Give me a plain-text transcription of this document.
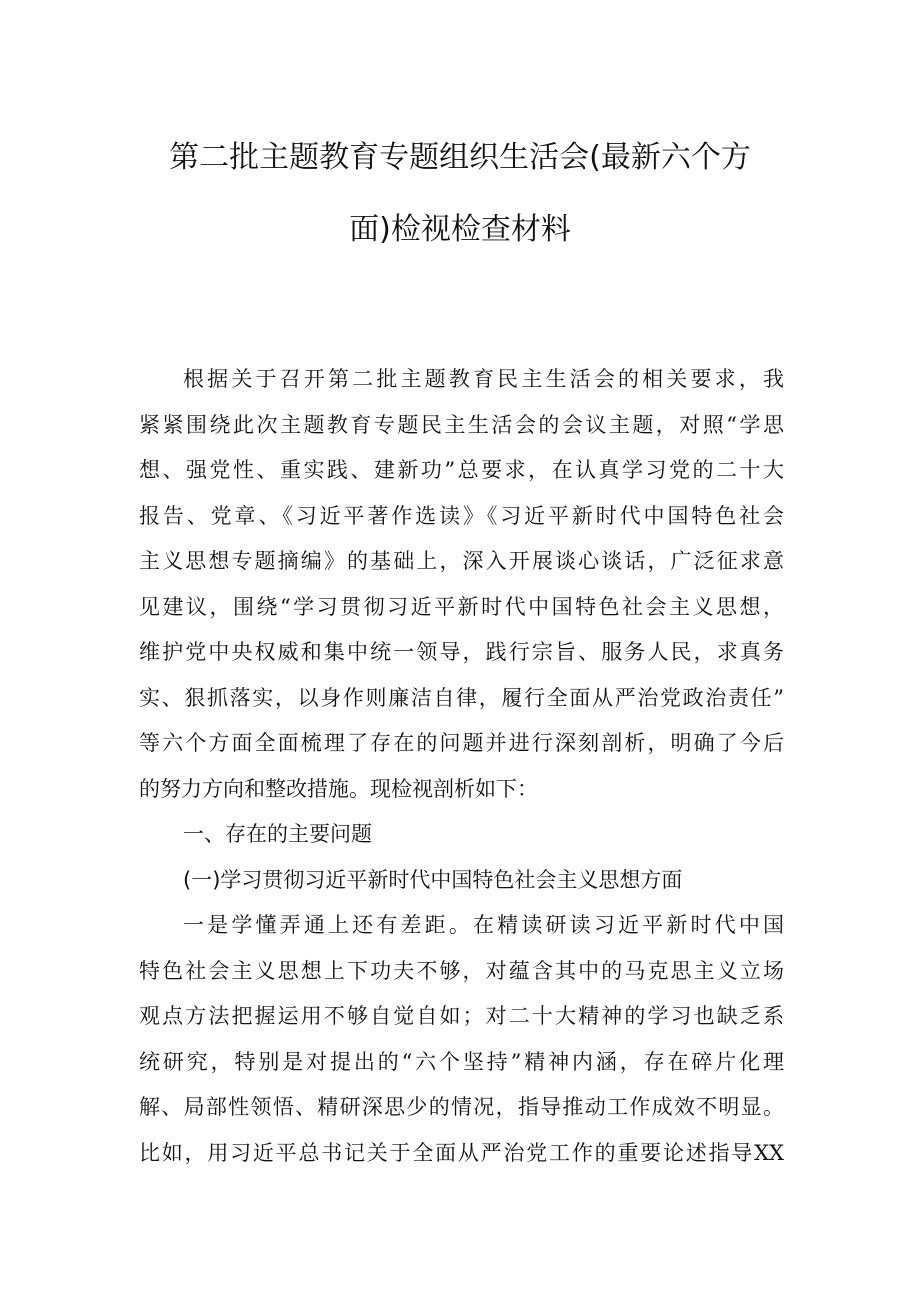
第二批主题教育专题组织生活会(最新六个方
面)检视检查材料
根据关于召开第二批主题教育民主生活会的相关要求，我
紧紧围绕此次主题教育专题民主生活会的会议主题，对照“学思
想、强党性、重实践、建新功”总要求，在认真学习党的二十大
报告、党章、《习近平著作选读》《习近平新时代中国特色社会
主义思想专题摘编》的基础上，深入开展谈心谈话，广泛征求意
见建议，围绕“学习贯彻习近平新时代中国特色社会主义思想，
维护党中央权威和集中统一领导，践行宗旨、服务人民，求真务
实、狠抓落实，以身作则廉洁自律，履行全面从严治党政治责任”
等六个方面全面梳理了存在的问题并进行深刻剖析，明确了今后
的努力方向和整改措施。现检视剖析如下：
一、存在的主要问题
(一)学习贯彻习近平新时代中国特色社会主义思想方面
一是学懂弄通上还有差距。在精读研读习近平新时代中国
特色社会主义思想上下功夫不够，对蕴含其中的马克思主义立场
观点方法把握运用不够自觉自如；对二十大精神的学习也缺乏系
统研究，特别是对提出的“六个坚持”精神内涵，存在碎片化理
解、局部性领悟、精研深思少的情况，指导推动工作成效不明显。
比如，用习近平总书记关于全面从严治党工作的重要论述指导XX
